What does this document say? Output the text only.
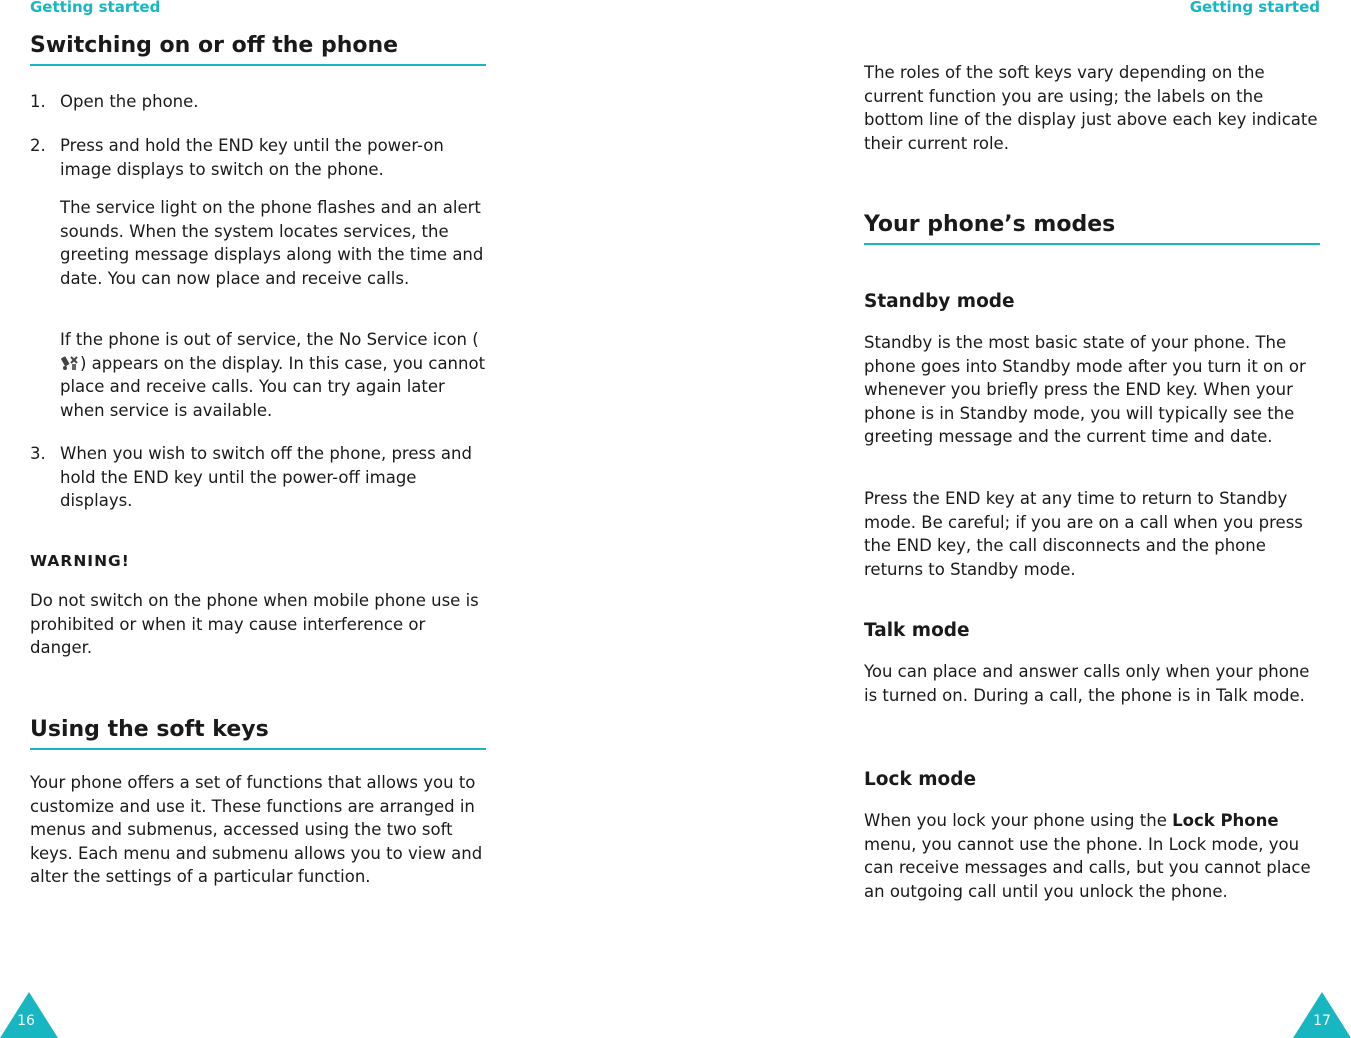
Getting started
Switching on or off the phone
1. Open the phone.
2. Press and hold the END key until the power-on image displays to switch on the phone.
The service light on the phone flashes and an alert sounds. When the system locates services, the greeting message displays along with the time and date. You can now place and receive calls.
If the phone is out of service, the No Service icon () appears on the display. In this case, you cannot place and receive calls. You can try again later when service is available.
3. When you wish to switch off the phone, press and hold the END key until the power-off image displays.
WARNING!
Do not switch on the phone when mobile phone use is prohibited or when it may cause interference or danger.
Using the soft keys
Your phone offers a set of functions that allows you to customize and use it. These functions are arranged in menus and submenus, accessed using the two soft keys. Each menu and submenu allows you to view and alter the settings of a particular function.
16
Getting started
The roles of the soft keys vary depending on the current function you are using; the labels on the bottom line of the display just above each key indicate their current role.
Your phone’s modes
Standby mode
Standby is the most basic state of your phone. The phone goes into Standby mode after you turn it on or whenever you briefly press the END key. When your phone is in Standby mode, you will typically see the greeting message and the current time and date.
Press the END key at any time to return to Standby mode. Be careful; if you are on a call when you press the END key, the call disconnects and the phone returns to Standby mode.
Talk mode
You can place and answer calls only when your phone is turned on. During a call, the phone is in Talk mode.
Lock mode
When you lock your phone using the Lock Phone menu, you cannot use the phone. In Lock mode, you can receive messages and calls, but you cannot place an outgoing call until you unlock the phone.
17
